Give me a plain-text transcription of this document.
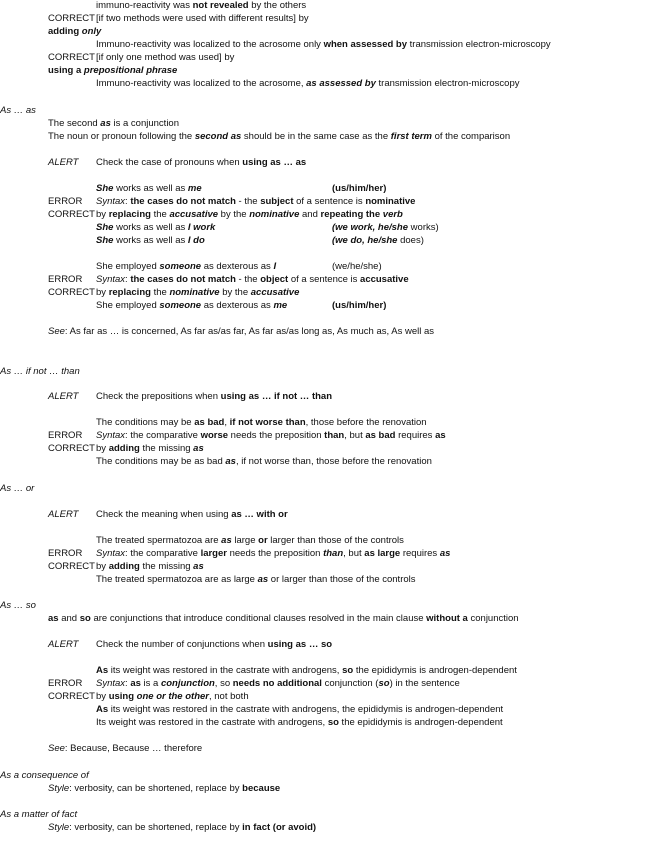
immuno-reactivity was not revealed by the others
CORRECT [if two methods were used with different results] by
adding only
Immuno-reactivity was localized to the acrosome only when assessed by transmission electron-microscopy
CORRECT [if only one method was used] by
using a prepositional phrase
Immuno-reactivity was localized to the acrosome, as assessed by transmission electron-microscopy
As … as
The second as is a conjunction
The noun or pronoun following the second as should be in the same case as the first term of the comparison
ALERT Check the case of pronouns when using as … as
She works as well as me	(us/him/her)
ERROR Syntax: the cases do not match - the subject of a sentence is nominative
CORRECT by replacing the accusative by the nominative and repeating the verb
She works as well as I work	(we work, he/she works)
She works as well as I do	(we do, he/she does)
She employed someone as dexterous as I	(we/he/she)
ERROR Syntax: the cases do not match - the object of a sentence is accusative
CORRECT by replacing the nominative by the accusative
She employed someone as dexterous as me	(us/him/her)
See: As far as … is concerned, As far as/as far, As far as/as long as, As much as, As well as
As … if not … than
ALERT Check the prepositions when using as … if not … than
The conditions may be as bad, if not worse than, those before the renovation
ERROR Syntax: the comparative worse needs the preposition than, but as bad requires as
CORRECT by adding the missing as
The conditions may be as bad as, if not worse than, those before the renovation
As … or
ALERT Check the meaning when using as … with or
The treated spermatozoa are as large or larger than those of the controls
ERROR Syntax: the comparative larger needs the preposition than, but as large requires as
CORRECT by adding the missing as
The treated spermatozoa are as large as or larger than those of the controls
As … so
as and so are conjunctions that introduce conditional clauses resolved in the main clause without a conjunction
ALERT Check the number of conjunctions when using as … so
As its weight was restored in the castrate with androgens, so the epididymis is androgen-dependent
ERROR Syntax: as is a conjunction, so needs no additional conjunction (so) in the sentence
CORRECT by using one or the other, not both
As its weight was restored in the castrate with androgens, the epididymis is androgen-dependent
Its weight was restored in the castrate with androgens, so the epididymis is androgen-dependent
See: Because, Because … therefore
As a consequence of
Style: verbosity, can be shortened, replace by because
As a matter of fact
Style: verbosity, can be shortened, replace by in fact (or avoid)
